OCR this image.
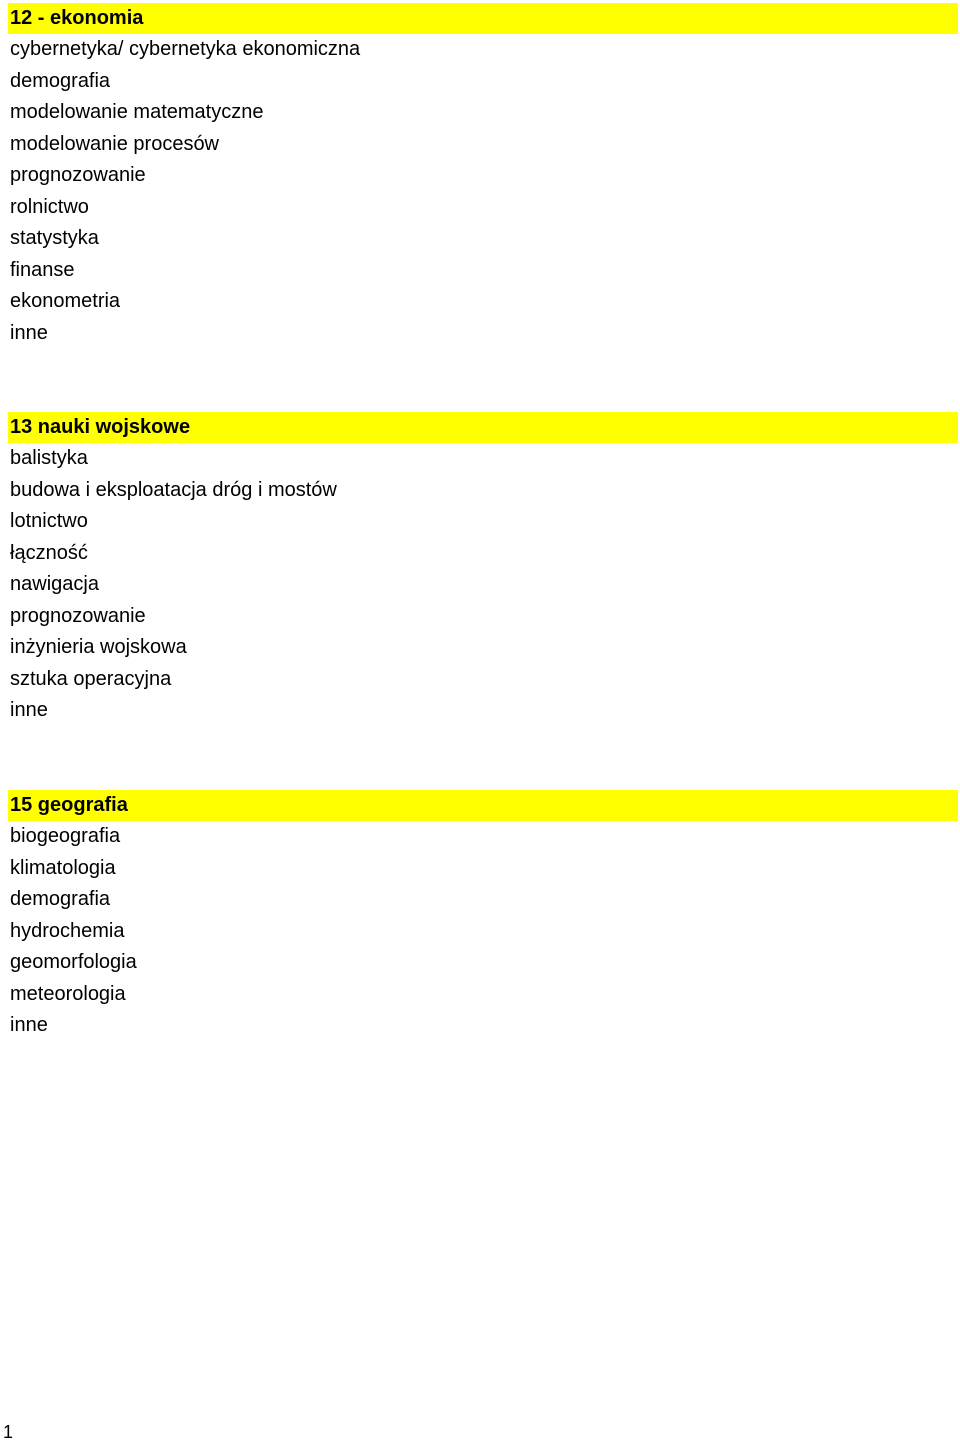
12 - ekonomia
cybernetyka/ cybernetyka ekonomiczna
demografia
modelowanie matematyczne
modelowanie procesów
prognozowanie
rolnictwo
statystyka
finanse
ekonometria
inne
13 nauki wojskowe
balistyka
budowa i eksploatacja dróg i mostów
lotnictwo
łączność
nawigacja
prognozowanie
inżynieria wojskowa
sztuka operacyjna
inne
15 geografia
biogeografia
klimatologia
demografia
hydrochemia
geomorfologia
meteorologia
inne
1
